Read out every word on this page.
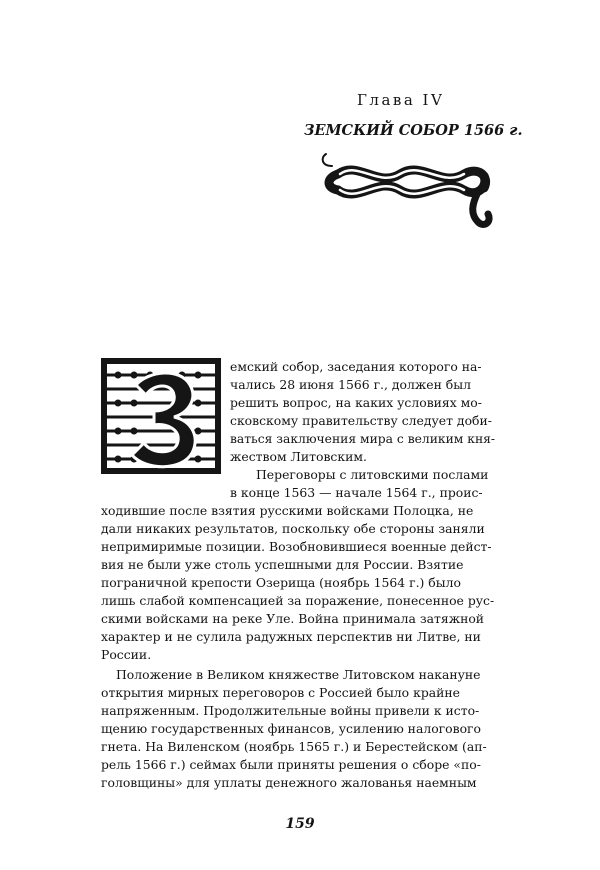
Глава IV
ЗЕМСКИЙ СОБОР 1566 г.
емский собор, заседания которого на-
чались 28 июня 1566 г., должен был
решить вопрос, на каких условиях мо-
сковскому правительству следует доби-
ваться заключения мира с великим кня-
жеством Литовским.
Переговоры с литовскими послами
в конце 1563 — начале 1564 г., проис-
ходившие после взятия русскими войсками Полоцка, не
дали никаких результатов, поскольку обе стороны заняли
непримиримые позиции. Возобновившиеся военные дейст-
вия не были уже столь успешными для России. Взятие
пограничной крепости Озерища (ноябрь 1564 г.) было
лишь слабой компенсацией за поражение, понесенное рус-
скими войсками на реке Уле. Война принимала затяжной
характер и не сулила радужных перспектив ни Литве, ни
России.
Положение в Великом княжестве Литовском накануне
открытия мирных переговоров с Россией было крайне
напряженным. Продолжительные войны привели к исто-
щению государственных финансов, усилению налогового
гнета. На Виленском (ноябрь 1565 г.) и Берестейском (ап-
рель 1566 г.) сеймах были приняты решения о сборе «по-
головщины» для уплаты денежного жалованья наемным
159
